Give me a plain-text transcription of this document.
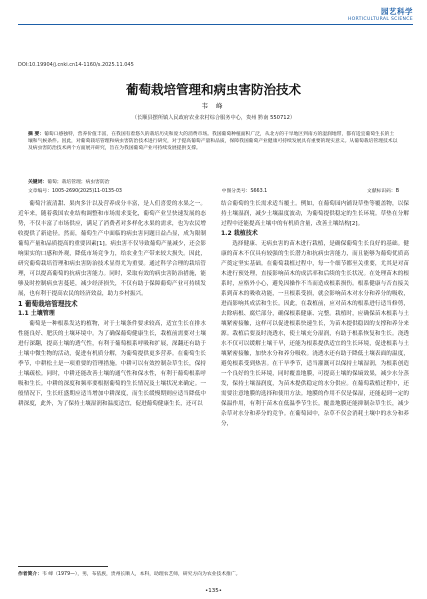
园艺科学
HORTICULTURAL SCIENCE
DOI:10.19904/j.cnki.cn14-1160/s.2025.11.045
葡萄栽培管理和病虫害防治技术
韦 峰
（长顺县摆所镇人民政府农业农村综合服务中心，贵州 黔南 550712）
摘 要：葡萄口感独特，营养价值丰富，在我国有着悠久的栽培历史和庞大的消费市场。我国葡萄种植面积广泛，从北方的干旱地区到南方的湿润地带，都有适宜葡萄生长的土壤和气候条件。因此，对葡萄栽培管理和病虫害防治技术进行研究，对于提高葡萄产量和品质，保障我国葡萄产业健康可持续发展具有重要的现实意义。从葡萄栽培管理技术以及病虫害防治技术两个方面展开研究，旨在为我国葡萄产业可持续发展提供支撑。
关键词：葡萄；栽培管理；病虫害防治
文章编号：1005-2690(2025)11-0135-03	中图分类号：S663.1	文献标识码：B

葡萄汁液清甜、果肉多汁以及营养成分丰富，是人们喜爱的水果之一。近年来，随着我国农业结构调整和市场需求变化，葡萄产业呈快速发展的态势，不仅丰富了市场供应，满足了消费者对多样化水果的需求，也为农民增收提供了新途径。然而，葡萄生产中面临的病虫害问题日益凸显，成为限制葡萄产量和品质提高的重要因素[1]。病虫害不仅导致葡萄产量减少，还会影响果实的口感和外观，降低市场竞争力，给农业生产带来较大损失。因此，研究葡萄栽培管理和病虫害防治技术显得尤为重要。通过科学合理的栽培管理，可以提高葡萄的抗病虫害能力。同时，采取有效的病虫害防治措施，能够及时控制病虫害蔓延，减少经济损失，不仅有助于保障葡萄产业可持续发展，也有利于提高农民的经济效益，助力乡村振兴。

1 葡萄栽培管理技术

1.1 土壤管理

葡萄是一种根系发达的植物，对于土壤条件要求较高，适宜生长在排水性能良好、肥沃的土壤环境中。为了确保葡萄健康生长，栽植前需要对土壤进行深翻，提高土壤的透气性，有利于葡萄根系呼吸和扩展，深翻还有助于土壤中微生物的活动，促进有机质分解，为葡萄提供更多营养。在葡萄生长季节，中耕松土是一项重要的管理措施。中耕可以有效控制杂草生长，保持土壤疏松。同时，中耕还能改善土壤的通气性和保水性，有利于葡萄根系呼吸和生长。中耕的深度和频率要根据葡萄的生长情况及土壤状况来确定。一般情况下，生长旺盛期应适当增加中耕深度，而生长缓慢期则应适当降低中耕深度，此外，为了保持土壤湿润和温度适宜，促进葡萄健康生长，还可以

结合葡萄的生长需求适当覆土。例如，在葡萄园内铺设草垫等覆盖物，以保持土壤湿润，减少土壤温度波动，为葡萄提供稳定的生长环境。草垫在分解过程中还能提高土壤中的有机质含量，改善土壤结构[2]。

1.2 栽植技术

选择健康、无病虫害的苗木进行栽植，是确保葡萄生长良好的基础。健康的苗木不仅具有较强的生长潜力和抗病虫害能力，而且能够为葡萄优质高产奠定坚实基础。在葡萄栽植过程中，每一个细节都至关重要，尤其是对苗木进行预处理，直接影响苗木的成活率和后续的生长状况。在处理苗木的根系时，应格外小心，避免因操作不当而造成根系损伤。根系健康与否直接关系到苗木的吸收功能，一旦根系受损，就会影响苗木对水分和养分的吸收，进而影响其成活和生长。因此，在栽植前，应对苗木的根系进行适当修剪，去除病根、腐烂部分，确保根系健康、完整。栽植时，应确保苗木根系与土壤紧密接触，这样可以促进根系快速生长，为苗木提供稳固的支撑和养分来源。栽植后要及时浇透水，使土壤充分湿润，有助于根系恢复和生长。浇透水不仅可以缓解土壤干旱，还能为根系提供适宜的生长环境，促进根系与土壤紧密接触，加快水分和养分吸收。浇透水还有助于降低土壤表面的温度，避免根系受到热害。在干旱季节，适当灌溉可以保持土壤湿润，为根系创造一个良好的生长环境，同时覆盖地膜，可提高土壤的保墒效果，减少水分蒸发，保持土壤湿润度，为苗木提供稳定的水分供应。在葡萄栽植过程中，还需要注意地膜的选择和使用方法。地膜的作用不仅是保湿，还能起到一定的保温作用，有利于苗木在低温季节生长。覆盖地膜还能抑制杂草生长，减少杂草对水分和养分的竞争。在葡萄园中，杂草不仅会消耗土壤中的水分和养分，

作者简介：韦 峰（1979—），男，布依族，贵州长顺人，本科，助理农艺师，研究方向为农业技术推广。
•135•
